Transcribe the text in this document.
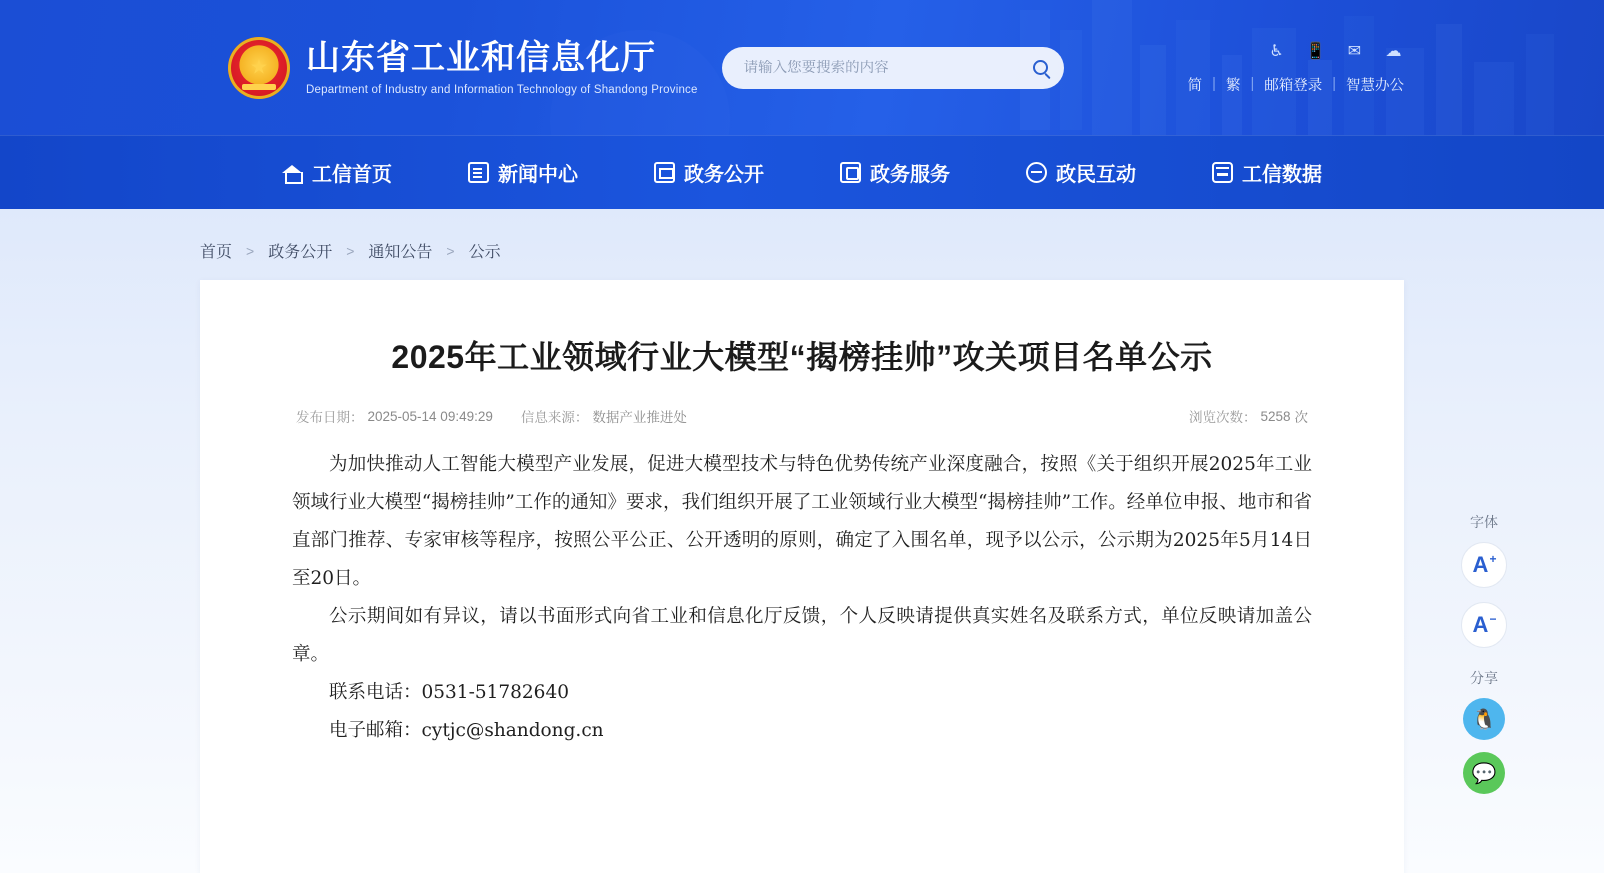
★
山东省工业和信息化厅
Department of Industry and Information Technology of Shandong Province
请输入您要搜索的内容
♿ 📱 ✉ ☁
简 | 繁 | 邮箱登录 | 智慧办公
工信首页	新闻中心	政务公开	政务服务	政民互动	工信数据
首页 > 政务公开 > 通知公告 > 公示
2025年工业领域行业大模型“揭榜挂帅”攻关项目名单公示
发布日期： 2025-05-14 09:49:29 信息来源： 数据产业推进处	浏览次数： 5258 次

为加快推动人工智能大模型产业发展，促进大模型技术与特色优势传统产业深度融合，按照《关于组织开展2025年工业领域行业大模型“揭榜挂帅”工作的通知》要求，我们组织开展了工业领域行业大模型“揭榜挂帅”工作。经单位申报、地市和省直部门推荐、专家审核等程序，按照公平公正、公开透明的原则，确定了入围名单，现予以公示，公示期为2025年5月14日至20日。

公示期间如有异议，请以书面形式向省工业和信息化厅反馈，个人反映请提供真实姓名及联系方式，单位反映请加盖公章。

联系电话：0531-51782640

电子邮箱：cytjc@shandong.cn

字体
A+
A−
分享
🐧
💬
